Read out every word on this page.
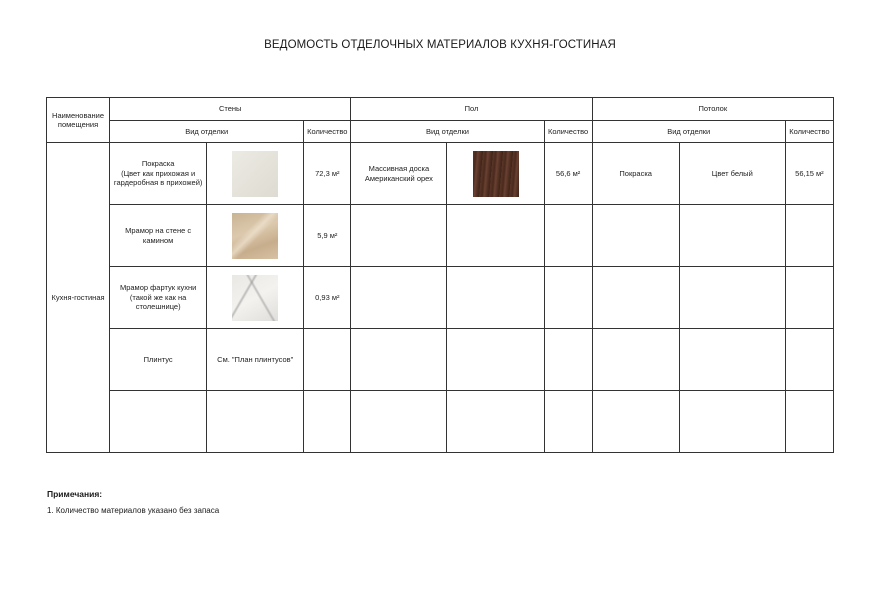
ВЕДОМОСТЬ ОТДЕЛОЧНЫХ МАТЕРИАЛОВ КУХНЯ-ГОСТИНАЯ
Наименование помещения	Стены			Пол			Потолок		
	Вид отделки		Количество	Вид отделки		Количество	Вид отделки		Количество
Кухня-гостиная	Покраска
(Цвет как прихожая и
гардеробная в прихожей)		72,3 м²	Массивная доска
Американский орех		56,6 м²	Покраска	Цвет белый	56,15 м²
	Мрамор на стене с камином		5,9 м²						
	Мрамор фартук кухни
(такой же как на столешнице)		0,93 м²						
	Плинтус	См. "План плинтусов"							

Примечания:
1. Количество материалов указано без запаса
